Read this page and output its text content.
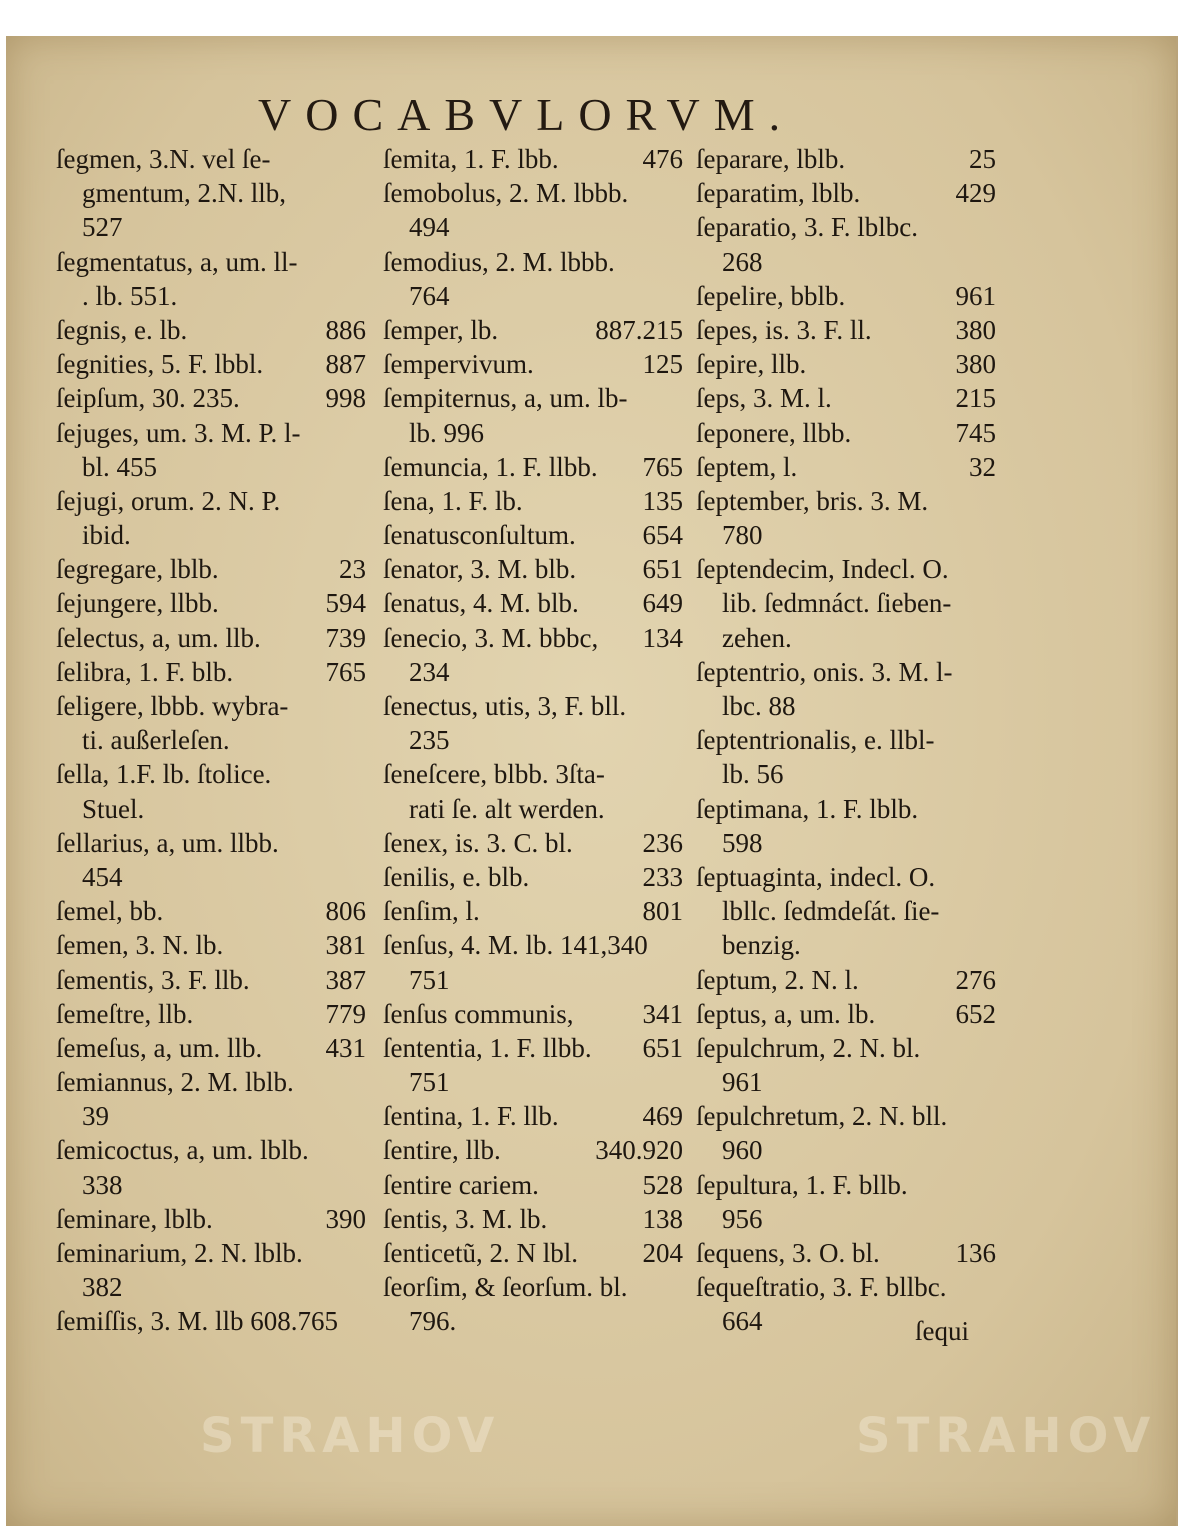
VOCABVLORVM.
ſegmen, 3.N. vel ſe-
gmentum, 2.N. llb,
527
ſegmentatus, a, um. ll-
. lb. 551.
ſegnis, e. lb.	886
ſegnities, 5. F. lbbl. 887
ſeipſum, 30. 235.	998
ſejuges, um. 3. M. P. l-
bl. 455
ſejugi, orum. 2. N. P.
ibid.
ſegregare, lblb.	23
ſejungere, llbb.	594
ſelectus, a, um. llb. 739
ſelibra, 1. F. blb.	765
ſeligere, lbbb. wybra-
ti. außerleſen.
ſella, 1.F. lb. ſtolice.
Stuel.
ſellarius, a, um. llbb.
454
ſemel, bb.	806
ſemen, 3. N. lb.	381
ſementis, 3. F. llb.	387
ſemeſtre, llb.	779
ſemeſus, a, um. llb. 431
ſemiannus, 2. M. lblb.
39
ſemicoctus, a, um. lblb.
338
ſeminare, lblb.	390
ſeminarium, 2. N. lblb.
382
ſemiſſis, 3. M. llb 608.765
ſemita, 1. F. lbb.	476
ſemobolus, 2. M. lbbb.
494
ſemodius, 2. M. lbbb.
764
ſemper, lb.	887.215
ſempervivum.	125
ſempiternus, a, um. lb-
lb. 996
ſemuncia, 1. F. llbb. 765
ſena, 1. F. lb.	135
ſenatusconſultum. 654
ſenator, 3. M. blb. 651
ſenatus, 4. M. blb. 649
ſenecio, 3. M. bbbc, 134
234
ſenectus, utis, 3, F. bll.
235
ſeneſcere, blbb. 3ſta-
rati ſe. alt werden.
ſenex, is. 3. C. bl.	236
ſenilis, e. blb.	233
ſenſim, l.	801
ſenſus, 4. M. lb. 141,340
751
ſenſus communis,	341
ſententia, 1. F. llbb. 651
751
ſentina, 1. F. llb.	469
ſentire, llb.	340.920
ſentire cariem.	528
ſentis, 3. M. lb.	138
ſenticetũ, 2. N lbl. 204
ſeorſim, & ſeorſum. bl.
796.
ſeparare, lblb.	25
ſeparatim, lblb.	429
ſeparatio, 3. F. lblbc.
268
ſepelire, bblb.	961
ſepes, is. 3. F. ll.	380
ſepire, llb.	380
ſeps, 3. M. l.	215
ſeponere, llbb.	745
ſeptem, l.	32
ſeptember, bris. 3. M.
780
ſeptendecim, Indecl. O.
lib. ſedmnáct. ſieben-
zehen.
ſeptentrio, onis. 3. M. l-
lbc. 88
ſeptentrionalis, e. llbl-
lb. 56
ſeptimana, 1. F. lblb.
598
ſeptuaginta, indecl. O.
lbllc. ſedmdeſát. ſie-
benzig.
ſeptum, 2. N. l.	276
ſeptus, a, um. lb.	652
ſepulchrum, 2. N. bl.
961
ſepulchretum, 2. N. bll.
960
ſepultura, 1. F. bllb.
956
ſequens, 3. O. bl.	136
ſequeſtratio, 3. F. bllbc.
664	ſequi
STRAHOV	STRAHOV
